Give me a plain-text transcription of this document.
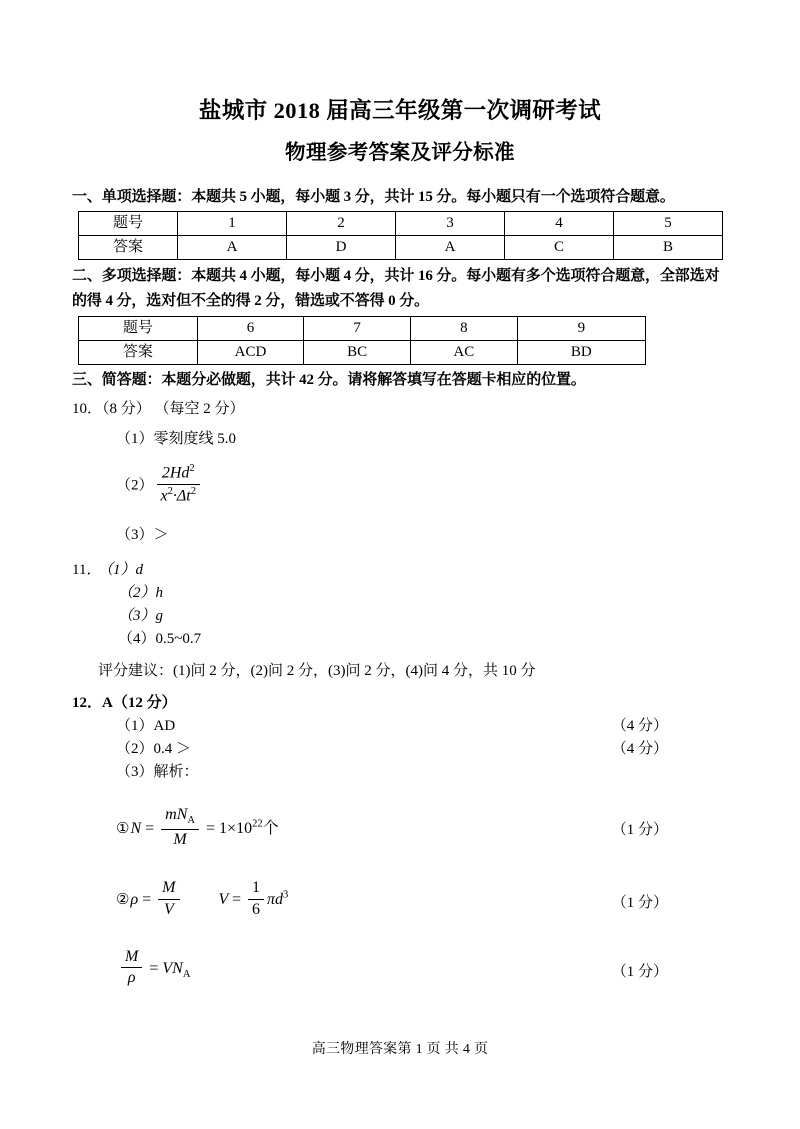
盐城市 2018 届高三年级第一次调研考试
物理参考答案及评分标准

一、单项选择题：本题共 5 小题，每小题 3 分，共计 15 分。每小题只有一个选项符合题意。

题号	1	2	3	4	5
答案	A	D	A	C	B

二、多项选择题：本题共 4 小题，每小题 4 分，共计 16 分。每小题有多个选项符合题意，全部选对的得 4 分，选对但不全的得 2 分，错选或不答得 0 分。

题号	6	7	8	9
答案	ACD	BC	AC	BD

三、简答题：本题分必做题，共计 42 分。请将解答填写在答题卡相应的位置。

10．（8 分） （每空 2 分）

（1）零刻度线 5.0

$(2) \frac{2Hd^2}{x^2\cdot\Delta t^2}$

（3）＞

11．（1）d

（2）h

（3）g

（4）0.5~0.7

评分建议：(1)问 2 分，(2)问 2 分，(3)问 2 分，(4)问 4 分，共 10 分

12．A（12 分）

（1）AD	（4 分）

（2）0.4 ＞	（4 分）

（3）解析：

①N = $\frac{mN_A}{M} = 1\times 10^{22}$个	（1 分）

②ρ = $\frac{M}{V}$ $V = \frac{1}{6} \pi d^3$	（1 分）

$\frac{M}{\rho} = VN_A$	（1 分）

高三物理答案第 1 页 共 4 页
